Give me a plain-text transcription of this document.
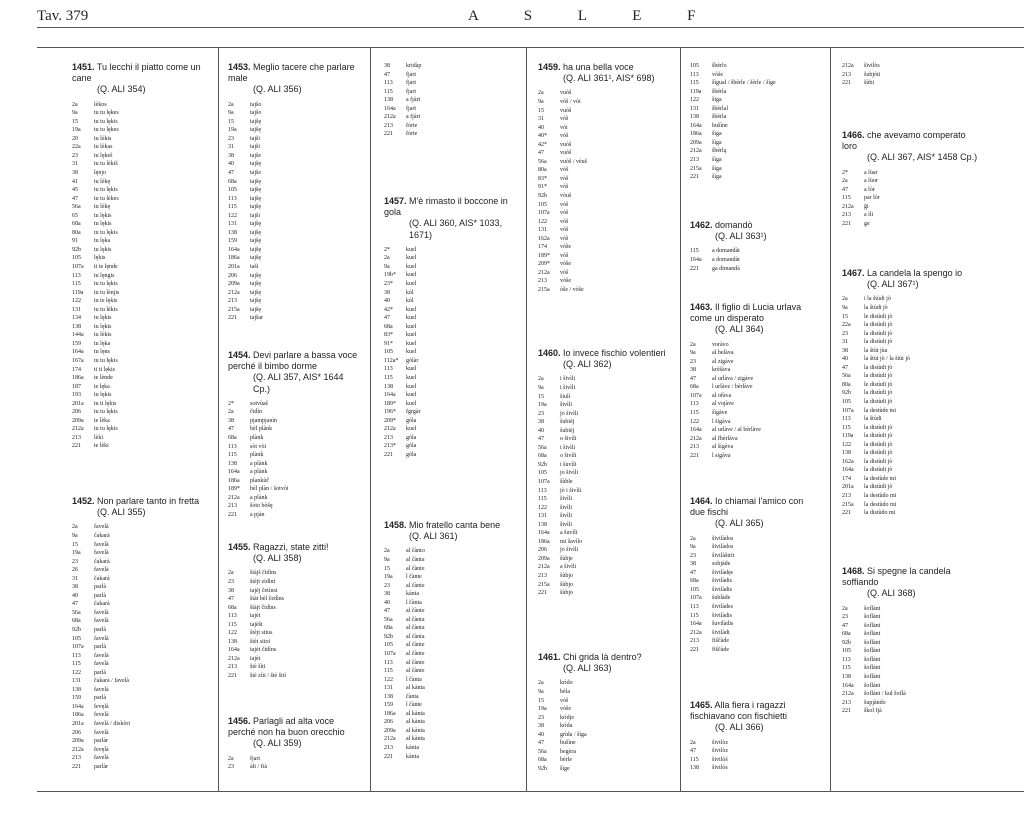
Tav. 379	A S L E F
1451. Tu lecchi il piatto come un cane
(Q. ALI 354)
2a	lèkos
9a	tu tu lękes
15	tu tu lękis
19a	tu tu lękes
20	tu lèkis
22a	tu lèkas
23	tu lękeš
31	tu tu lèkiš
38	lęnjo
41	tu lèkę
45	tu tu lękis
47	tu tu lèkes
56a	tu lèkę
65	tu lękis
68a	tu lękis
80a	tu tu lękis
91	tu lęka
92b	tu lękis
105	lękis
107a	ti te lęnde
113	tu lęngis
115	tu tu lękis
119a	tu tu lènjis
122	tu te lękis
131	tu tu lèkis
134	tu lękis
138	tu lękis
144a	tu lèkis
159	tu lęka
164a	tu lęns
167a	tu tu lękis
174	ti ti lękis
186a	te lènde
187	te lęka
193	tu lękis
201a	tu ti lękis
206	tu tu lękis
209a	te lèka
212a	tu tu lękis
213	lèki
221	te lèki
1452. Non parlare tanto in fretta
(Q. ALI 355)
2a	favelà
9a	čakarà
15	favelà
19a	favelà
23	čakarà
26	favelà
31	čakarà
38	parlà
40	parlà
47	čakarà
56a	favelà
68a	favelà
92b	parlà
105	favelà
107a	parlà
113	favelà
115	favelà
122	parlà
131	čakarà / favelà
138	favelà
159	parlà
164a	fevęlà
186a	fevelà
201a	favelà / diskòri
206	favelà
209a	parlàr
212a	fevęlà
213	favelà
221	parlàr
1453. Meglio tacere che parlare male
(Q. ALI 356)
2a	tajšo
9a	tajšo
15	tajšę
19a	tajšę
23	tajši
31	tajši
38	tajše
40	tajšę
47	tajše
68a	tajšę
105	tajšę
113	tajšę
115	tajšę
122	tajši
131	tajšę
138	tajšę
159	tajšę
164a	tajšę
186a	tajšę
201a	taši
206	tajšę
209a	tajšę
212a	tajšę
213	tajšę
215a	tajšę
221	tajšar
1454. Devi parlare a bassa voce perché il bimbo dorme
(Q. ALI 357, AIS* 1644 Cp.)
2*	sotvùaš
2a	čidìn
38	pjampjanìn
47	bèl plànk
68a	plànk
113	sòt vòi
115	plànk
138	a plànk
164a	a plànk
186a	plankùč
189*	bèl plàn / šotvòi
212a	a plànk
213	šòto bòšę
221	a pjàn
1455. Ragazzi, state zitti!
(Q. ALI 358)
2a	štàjš čidìns
23	štèjt zidìnt
38	tajèj četìnsi
47	štàt bèl čedìns
68a	štàjt čidìns
113	tajèt
115	tajèšt
122	štèjt situs
138	štèt sitoi
164a	tajèt čidìns
212a	tajèt
213	štè šìti
221	štè zìti / štè šitì
1456. Parlagli ad alta voce perché non ha buon orecchio
(Q. ALI 359)
2a	fjart
23	àlt / fià
38	kridàp
47	fjart
113	fjart
115	fjart
138	a fjàrt
164a	fjart
212a	a fjàrt
213	fòrte
221	fòrte
1457. M'è rimasto il boccone in gola
(Q. ALI 360, AIS* 1033, 1671)
2*	kuel
2a	kuel
9a	kuel
19b*	kuel
23*	kuel
38	kòl
40	kòl
42*	kuel
47	kuel
68a	kuel
83*	kuel
91*	kuel
105	kuel
112a*	gòlàr
113	kuel
115	kuel
138	kuel
164a	kuel
189*	kuel
196*	fgrgàr
209*	gòla
212a	kuel
213	gòla
213*	gòla
221	gòla
1458. Mio fratello canta bene
(Q. ALI 361)
2a	al čànto
9a	al čànta
15	al čànte
19a	l čànte
23	al čànte
38	kànta
40	l čànta
47	al čànte
56a	al čànta
68a	al čànta
92b	al čànta
105	al čànte
107a	al čànte
113	al čànte
115	al čànte
122	l čànta
131	al kànta
138	čànta
159	l čànte
186a	al kànta
206	al kànta
209a	al kànta
212a	al kànta
213	kànta
221	kànta
1459. ha una bella voce
(Q. ALI 361¹, AIS* 698)
2a	vuòš
9a	vòš / vòi
15	vuòš
31	vòš
40	vòi
40*	vòš
42*	vuòš
47	vuòš
56a	vuòš / vèuš
80a	vòš
83*	vòš
91*	vòš
92b	vòuš
105	vòš
107a	vòš
122	vòš
131	vòš
162a	vòš
174	vòše
189*	vòš
209*	vòše
212a	vòš
213	vòše
215a	òše / vòše
1460. Io invece fischio volentieri
(Q. ALI 362)
2a	i šivìli
9a	i šivìli
15	šiulì
19a	šivìli
23	jo šivìli
38	šubièj
40	šubièj
47	o šivìli
56a	i šivìli
68a	o šivìli
92b	i šuvìli
105	jo šivìli
107a	šùble
113	jò i šivìli
115	šivìli
122	šivìli
131	šivìli
138	šivìli
164a	a šuvìli
186a	mi šavìlo
206	jo šivìli
209a	šùbje
212a	a šivìli
213	šùbjo
215a	šùbjo
221	šùbjo
1461. Chi grida là dentro?
(Q. ALI 363)
2a	krìdo
9a	bèla
15	vòš
19a	vòše
23	krìdje
38	krìda
40	grìda / šìga
47	bušìne
56a	begèra
68a	bèrle
92b	šìge
105	šbèrlo
113	vòše
115	šìgual / šbèrle / šèrle / šìge
119a	šbèrla
122	šiga
131	šbèrlal
138	šbèrla
164a	bušìne
186a	šìga
209a	šìga
212a	šbèrlą
213	šìga
215a	šìga
221	šìga
1462. domandò
(Q. ALI 363¹)
115	a domandàt
164a	a domandàt
221	ga dimandà
1463. Il figlio di Lucia urlava come un disperato
(Q. ALI 364)
2a	voràvo
9a	al belàva
23	al zigàve
38	krèšàva
47	al urlàva / zigàve
68a	l urlàve / bèrlàve
107a	al ořàva
113	al vojàve
115	šìgàve
122	l šigàva
164a	al urlàve / al bèrlàve
212a	al fbèrlàva
213	al šìgèva
221	l sigàva
1464. Io chiamai l'amico con due fischi
(Q. ALI 365)
2a	šivilàdos
9a	šivilàdos
23	šivilàštrit
38	sobjàde
47	šivilàdęs
68a	šivilàdis
105	šivilàdis
107a	šublàde
113	šivilàdes
115	šivilàdis
164a	šuvilàdis
212a	šivilàdi
213	fiščàde
221	fiščàde
1465. Alla fiera i ragazzi fischiavano con fischietti
(Q. ALI 366)
2a	šivilòz
47	šivilòz
115	šivilòš
138	šivilòs
212a	šivilòs
213	šubjòti
221	šùbi
1466. che avevamo comperato loro
(Q. ALI 367, AIS* 1458 Cp.)
2*	a lùar
2a	a lùor
47	a lòr
115	par lòr
212a	ği
213	a ìli
221	ge
1467. La candela la spengo io
(Q. ALI 367¹)
2a	i la štùdi jò
9a	la štùdi jò
15	le distùdi jò
22a	la distùdi jò
23	la distùdi jò
31	la distùdi jò
38	la štùt jùa
40	la štùt jò / la štùt jò
47	la distùdi jò
56a	la distùdi jò
80a	le distùdi jò
92b	la distùdi jò
105	la distùdi jò
107a	la destùde mi
113	la štùdi
115	la distùdi jò
119a	la distùdi jò
122	la distùdi jò
138	la distùdi jò
162a	la distùdi jò
164a	la distùdi jò
174	la destùde mi
201a	la distùdi jò
213	la destùdo mi
215a	la destùdo mi
221	la distùdo mi
1468. Si spegne la candela soffiando
(Q. ALI 368)
2a	šoflànt
23	šoflànt
47	šoflànt
68a	šoflànt
92b	šoflànt
105	šoflànt
113	šoflànt
115	šoflànt
138	šoflànt
164a	šoflànt
212a	šoflànt / kul šoflà
213	šupjàndo
221	škol fjà
